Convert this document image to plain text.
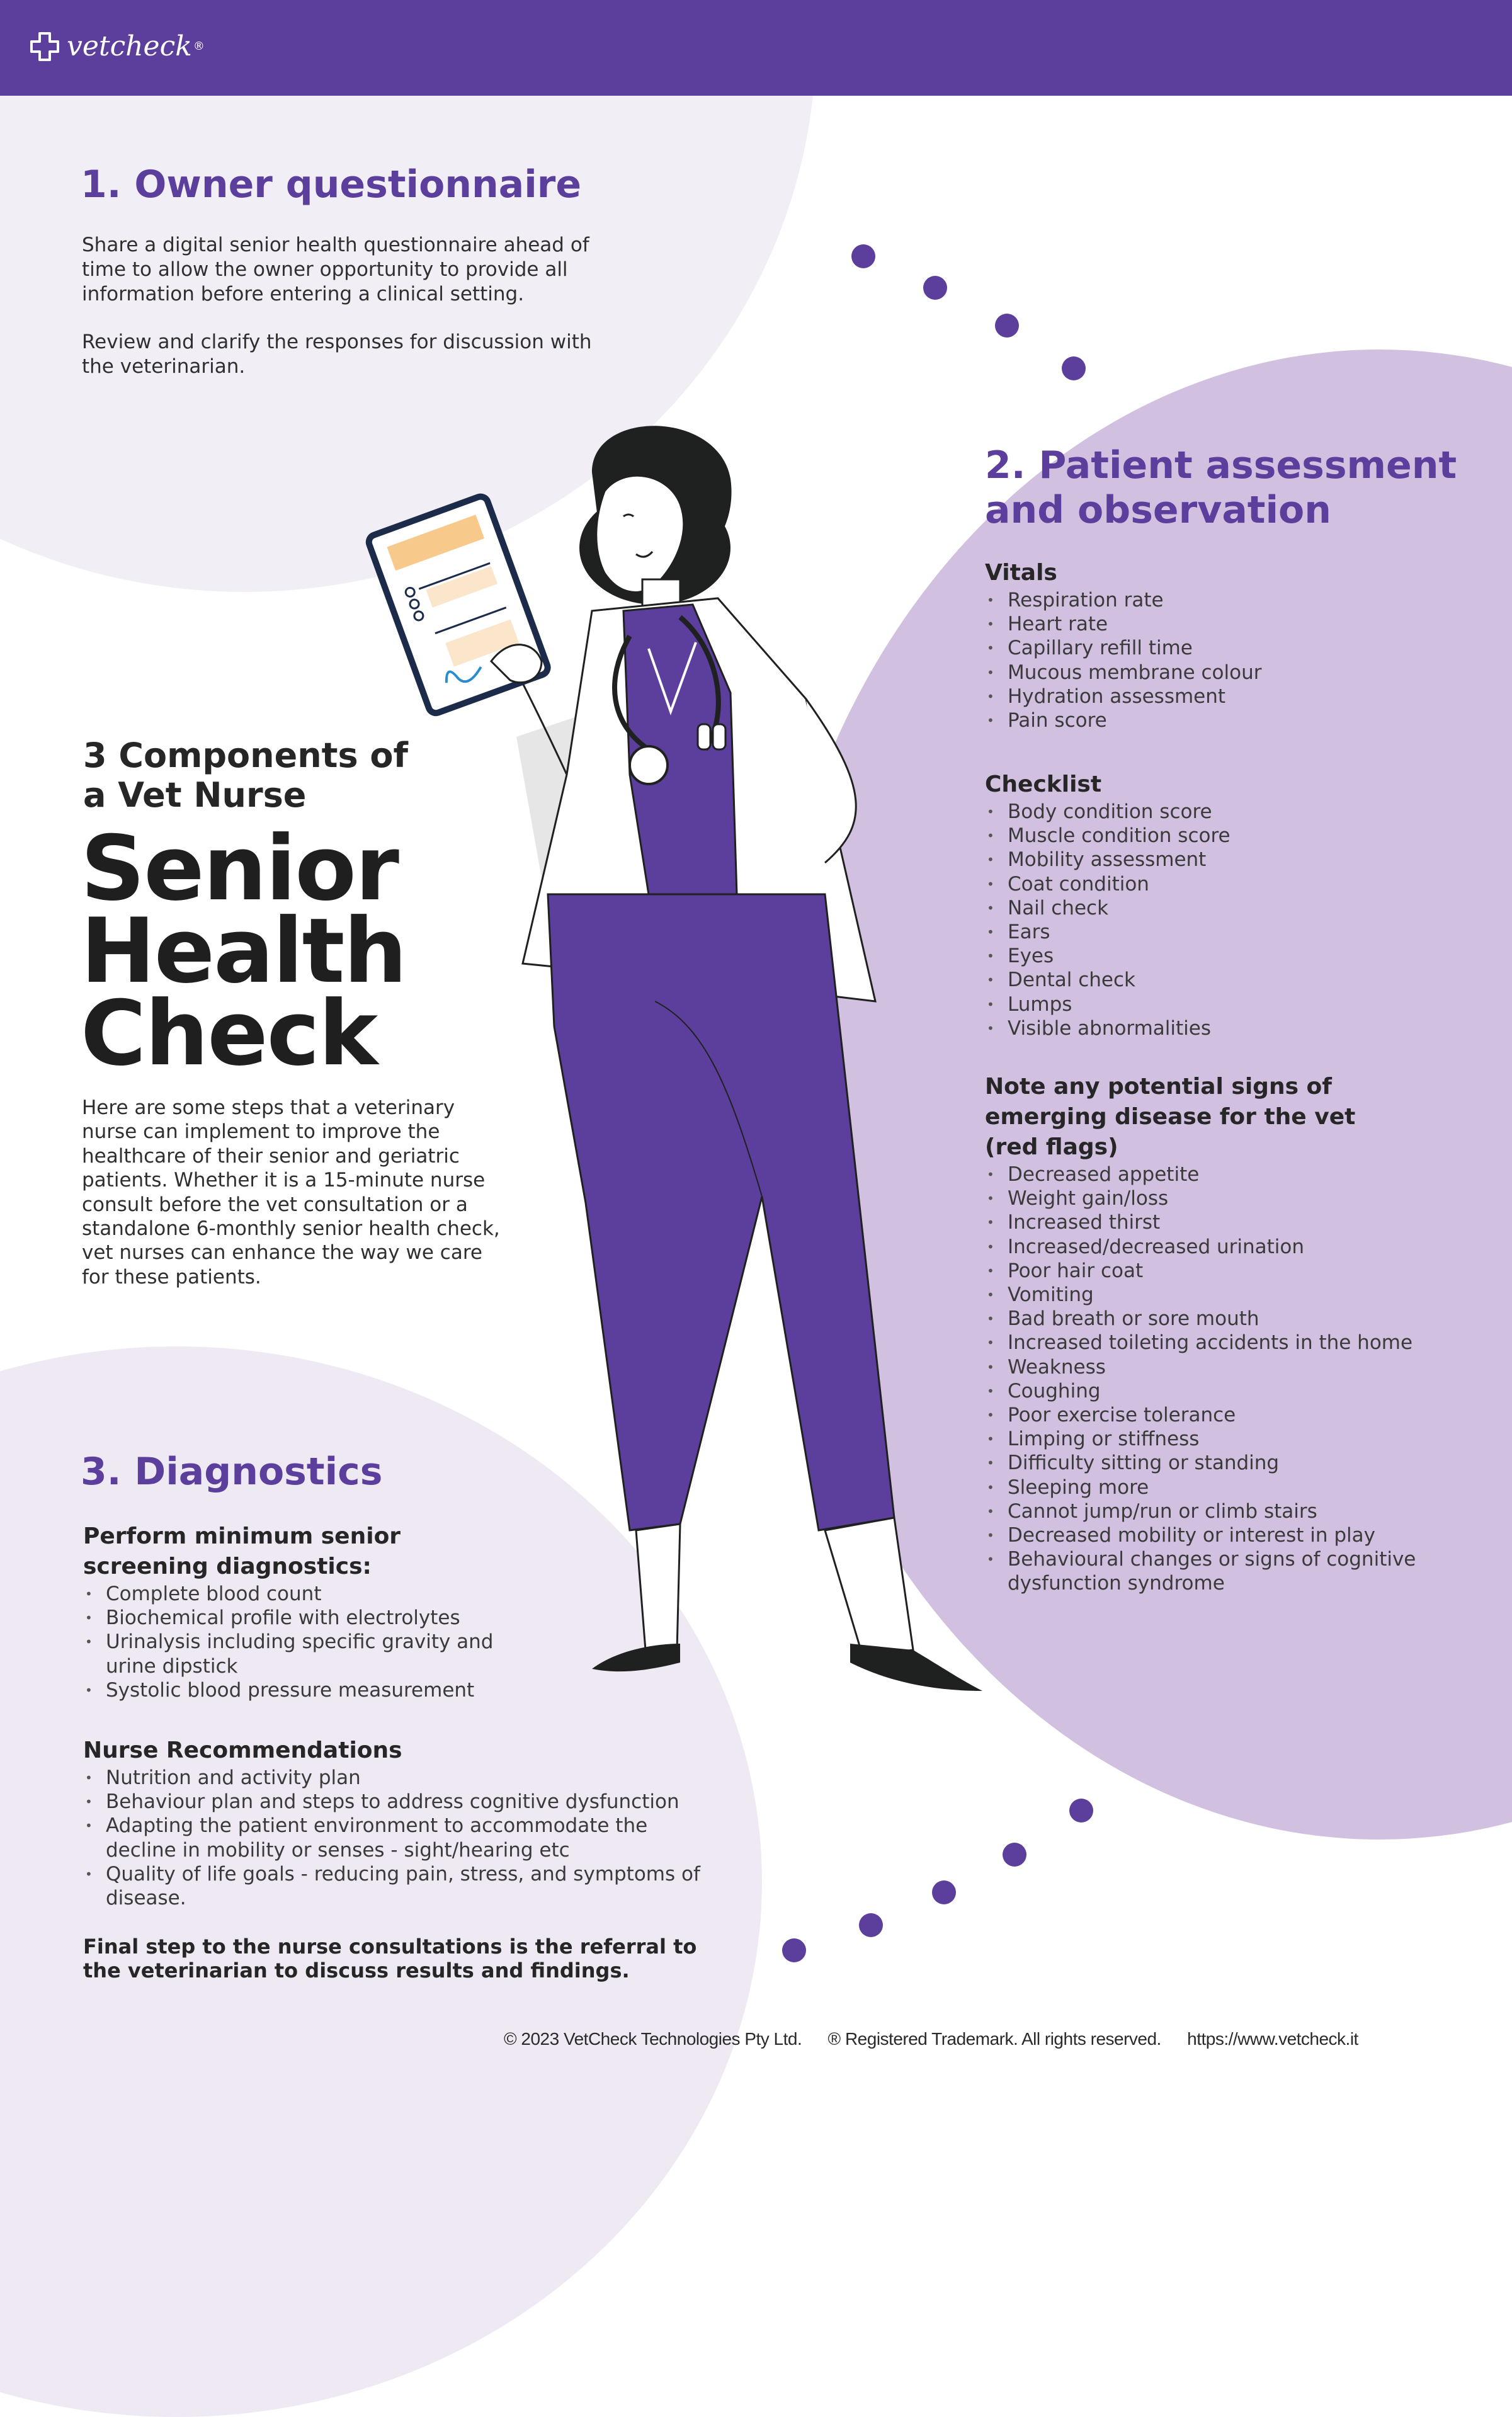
vetcheck ®
1. Owner questionnaire

Share a digital senior health questionnaire ahead of time to allow the owner opportunity to provide all information before entering a clinical setting.

Review and clarify the responses for discussion with the veterinarian.

2. Patient assessment and observation
Vitals
• Respiration rate
• Heart rate
• Capillary refill time
• Mucous membrane colour
• Hydration assessment
• Pain score
Checklist
• Body condition score
• Muscle condition score
• Mobility assessment
• Coat condition
• Nail check
• Ears
• Eyes
• Dental check
• Lumps
• Visible abnormalities
Note any potential signs of emerging disease for the vet (red flags)
• Decreased appetite
• Weight gain/loss
• Increased thirst
• Increased/decreased urination
• Poor hair coat
• Vomiting
• Bad breath or sore mouth
• Increased toileting accidents in the home
• Weakness
• Coughing
• Poor exercise tolerance
• Limping or stiffness
• Difficulty sitting or standing
• Sleeping more
• Cannot jump/run or climb stairs
• Decreased mobility or interest in play
• Behavioural changes or signs of cognitive dysfunction syndrome
3 Components of a Vet Nurse
Senior
Health
Check
Here are some steps that a veterinary nurse can implement to improve the healthcare of their senior and geriatric patients. Whether it is a 15-minute nurse consult before the vet consultation or a standalone 6-monthly senior health check, vet nurses can enhance the way we care for these patients.
3. Diagnostics
Perform minimum senior screening diagnostics:
• Complete blood count
• Biochemical profile with electrolytes
• Urinalysis including specific gravity and urine dipstick
• Systolic blood pressure measurement
Nurse Recommendations
• Nutrition and activity plan
• Behaviour plan and steps to address cognitive dysfunction
• Adapting the patient environment to accommodate the decline in mobility or senses - sight/hearing etc
• Quality of life goals - reducing pain, stress, and symptoms of disease.
Final step to the nurse consultations is the referral to the veterinarian to discuss results and findings.
© 2023 VetCheck Technologies Pty Ltd. ® Registered Trademark. All rights reserved. https://www.vetcheck.it
